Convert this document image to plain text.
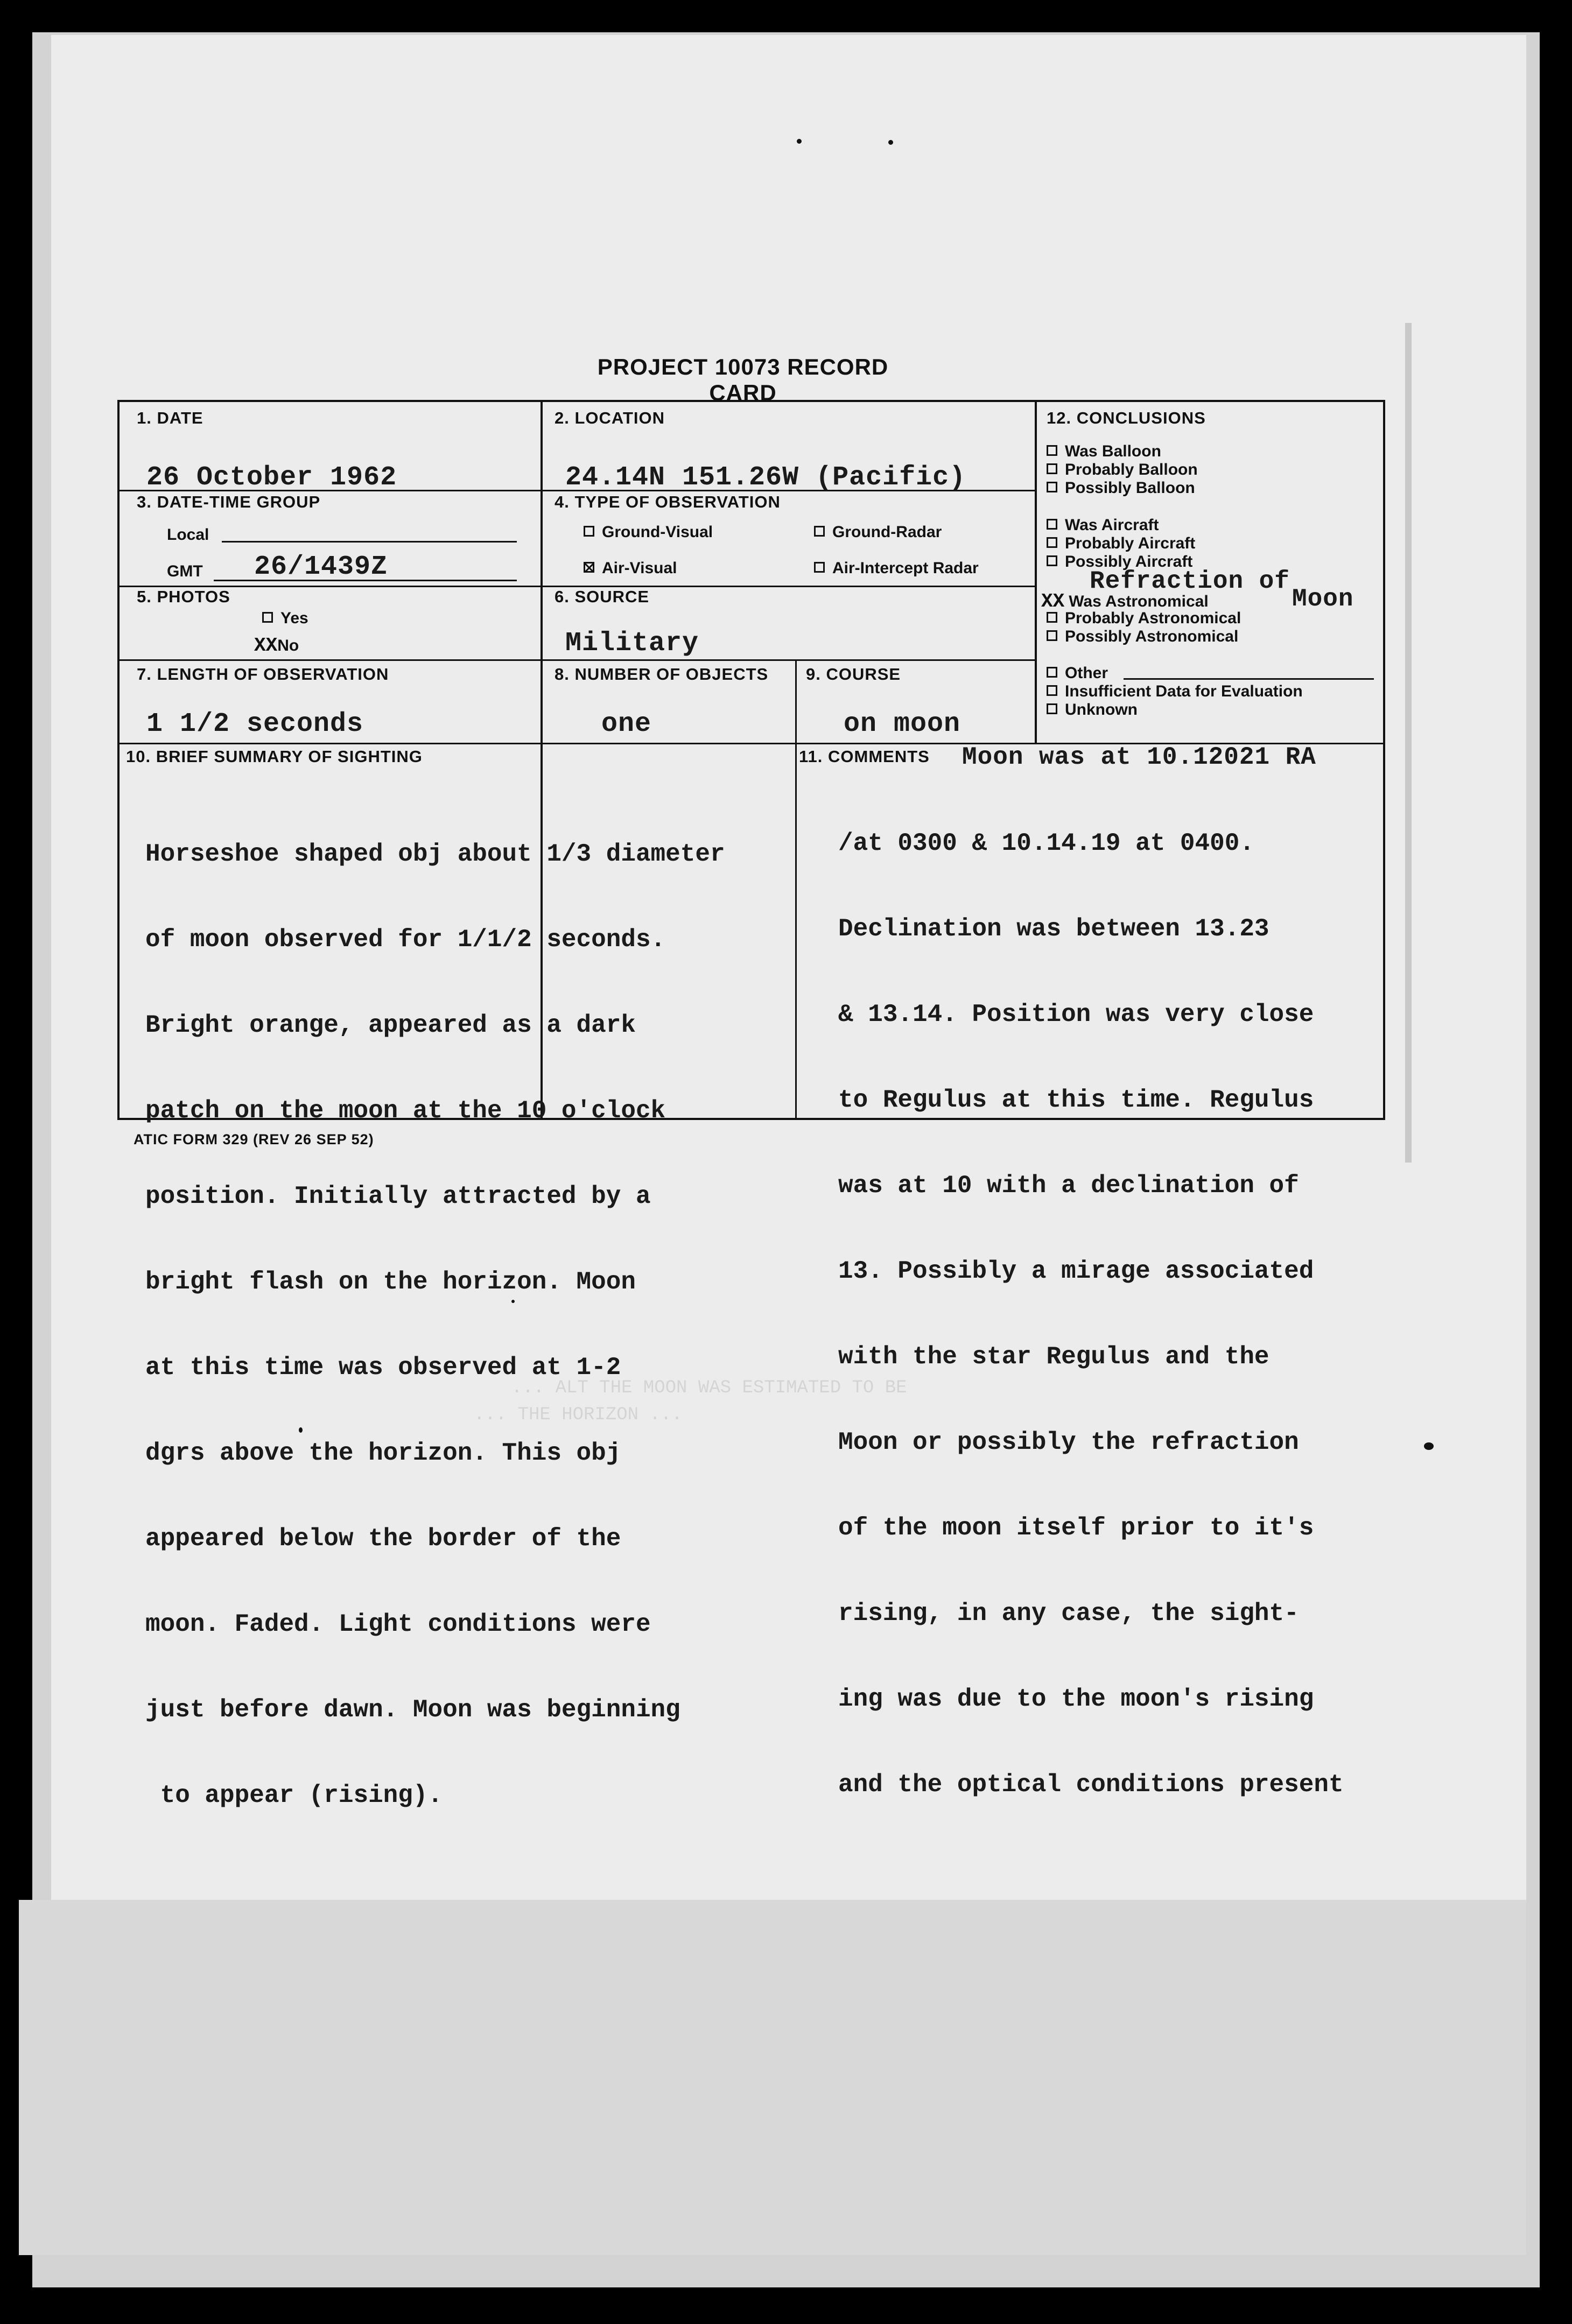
... ALT THE MOON WAS ESTIMATED TO BE
... THE HORIZON ...
PROJECT 10073 RECORD CARD
1. DATE
26 October 1962
2. LOCATION
24.14N 151.26W (Pacific)
3. DATE-TIME GROUP
Local
GMT 26/1439Z
4. TYPE OF OBSERVATION
Ground-Visual	Ground-Radar
Air-Visual	Air-Intercept Radar
5. PHOTOS
Yes
XXNo
6. SOURCE
Military
7. LENGTH OF OBSERVATION
1 1/2 seconds
8. NUMBER OF OBJECTS
one
9. COURSE
on moon
12. CONCLUSIONS
Was Balloon
Probably Balloon
Possibly Balloon
Was Aircraft
Probably Aircraft
Possibly Aircraft
Refraction of
Moon
XX Was Astronomical
Probably Astronomical
Possibly Astronomical
Other
Insufficient Data for Evaluation
Unknown
10. BRIEF SUMMARY OF SIGHTING

Horseshoe shaped obj about 1/3 diameter

of moon observed for 1/1/2 seconds.

Bright orange, appeared as a dark

patch on the moon at the 10 o'clock

position. Initially attracted by a

bright flash on the horizon. Moon

at this time was observed at 1-2

dgrs above the horizon. This obj

appeared below the border of the

moon. Faded. Light conditions were

just before dawn. Moon was beginning

to appear (rising).

11. COMMENTS Moon was at 10.12021 RA

/at 0300 & 10.14.19 at 0400.

Declination was between 13.23

& 13.14. Position was very close

to Regulus at this time. Regulus

was at 10 with a declination of

13. Possibly a mirage associated

with the star Regulus and the

Moon or possibly the refraction

of the moon itself prior to it's

rising, in any case, the sight-

ing was due to the moon's rising

and the optical conditions present

ATIC FORM 329 (REV 26 SEP 52)
